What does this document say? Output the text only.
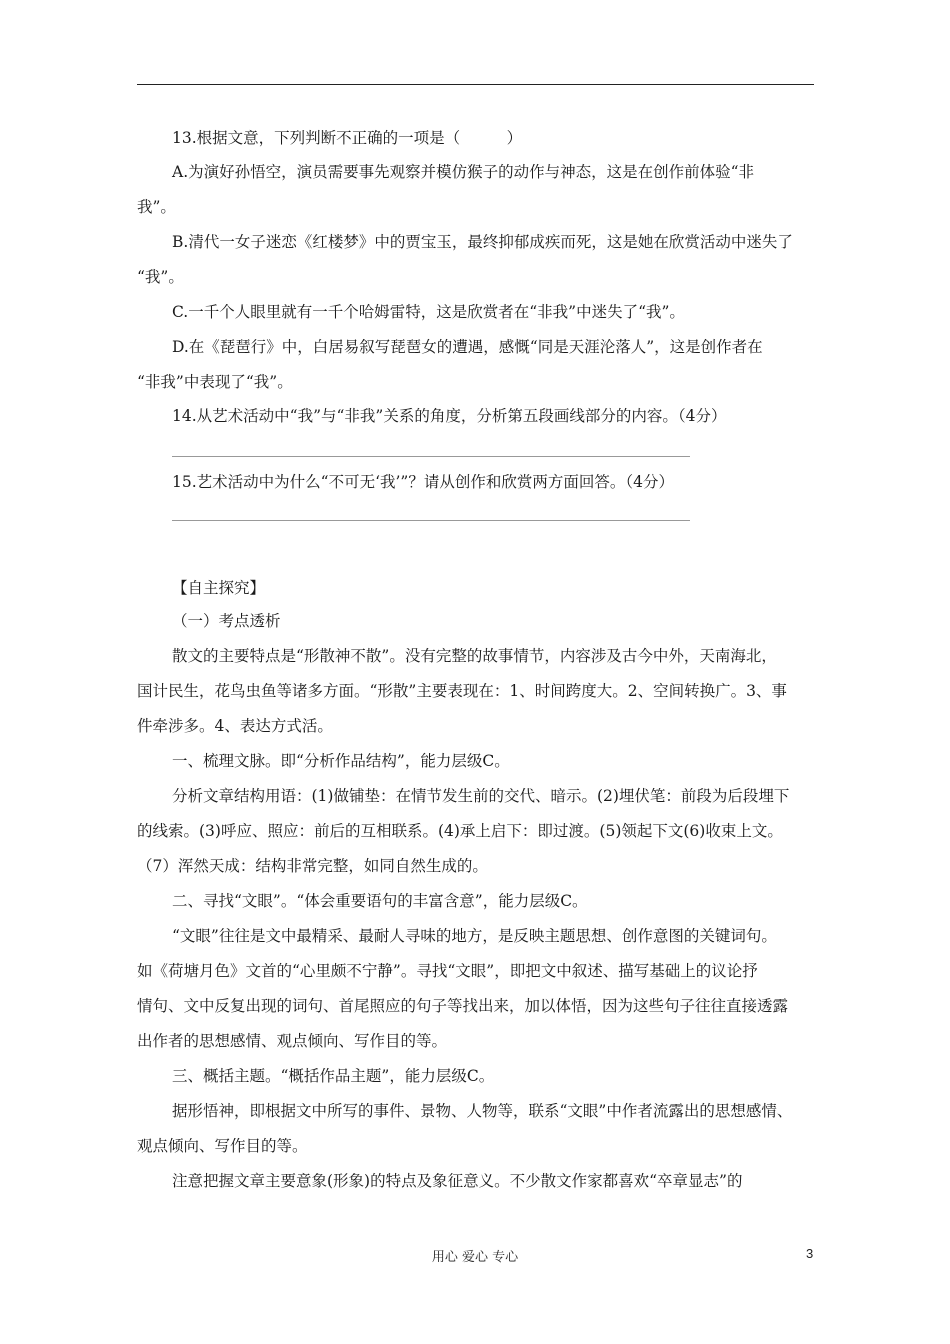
13.根据文意，下列判断不正确的一项是（　　　）
A.为演好孙悟空，演员需要事先观察并模仿猴子的动作与神态，这是在创作前体验“非
我”。
B.清代一女子迷恋《红楼梦》中的贾宝玉，最终抑郁成疾而死，这是她在欣赏活动中迷失了
“我”。
C.一千个人眼里就有一千个哈姆雷特，这是欣赏者在“非我”中迷失了“我”。
D.在《琵琶行》中，白居易叙写琵琶女的遭遇，感慨“同是天涯沦落人”，这是创作者在
“非我”中表现了“我”。
14.从艺术活动中“我”与“非我”关系的角度，分析第五段画线部分的内容。（4分）
15.艺术活动中为什么“不可无‘我’”？请从创作和欣赏两方面回答。（4分）
【自主探究】
（一）考点透析
散文的主要特点是“形散神不散”。没有完整的故事情节，内容涉及古今中外，天南海北，
国计民生，花鸟虫鱼等诸多方面。“形散”主要表现在：1、时间跨度大。2、空间转换广。3、事
件牵涉多。4、表达方式活。
一、梳理文脉。即“分析作品结构”，能力层级C。
分析文章结构用语：(1)做铺垫：在情节发生前的交代、暗示。(2)埋伏笔：前段为后段埋下
的线索。(3)呼应、照应：前后的互相联系。(4)承上启下：即过渡。(5)领起下文(6)收束上文。
（7）浑然天成：结构非常完整，如同自然生成的。
二、寻找“文眼”。“体会重要语句的丰富含意”，能力层级C。
“文眼”往往是文中最精采、最耐人寻味的地方，是反映主题思想、创作意图的关键词句。
如《荷塘月色》文首的“心里颇不宁静”。寻找“文眼”，即把文中叙述、描写基础上的议论抒
情句、文中反复出现的词句、首尾照应的句子等找出来，加以体悟，因为这些句子往往直接透露
出作者的思想感情、观点倾向、写作目的等。
三、概括主题。“概括作品主题”，能力层级C。
据形悟神，即根据文中所写的事件、景物、人物等，联系“文眼”中作者流露出的思想感情、
观点倾向、写作目的等。
注意把握文章主要意象(形象)的特点及象征意义。不少散文作家都喜欢“卒章显志”的
用心 爱心 专心	3
